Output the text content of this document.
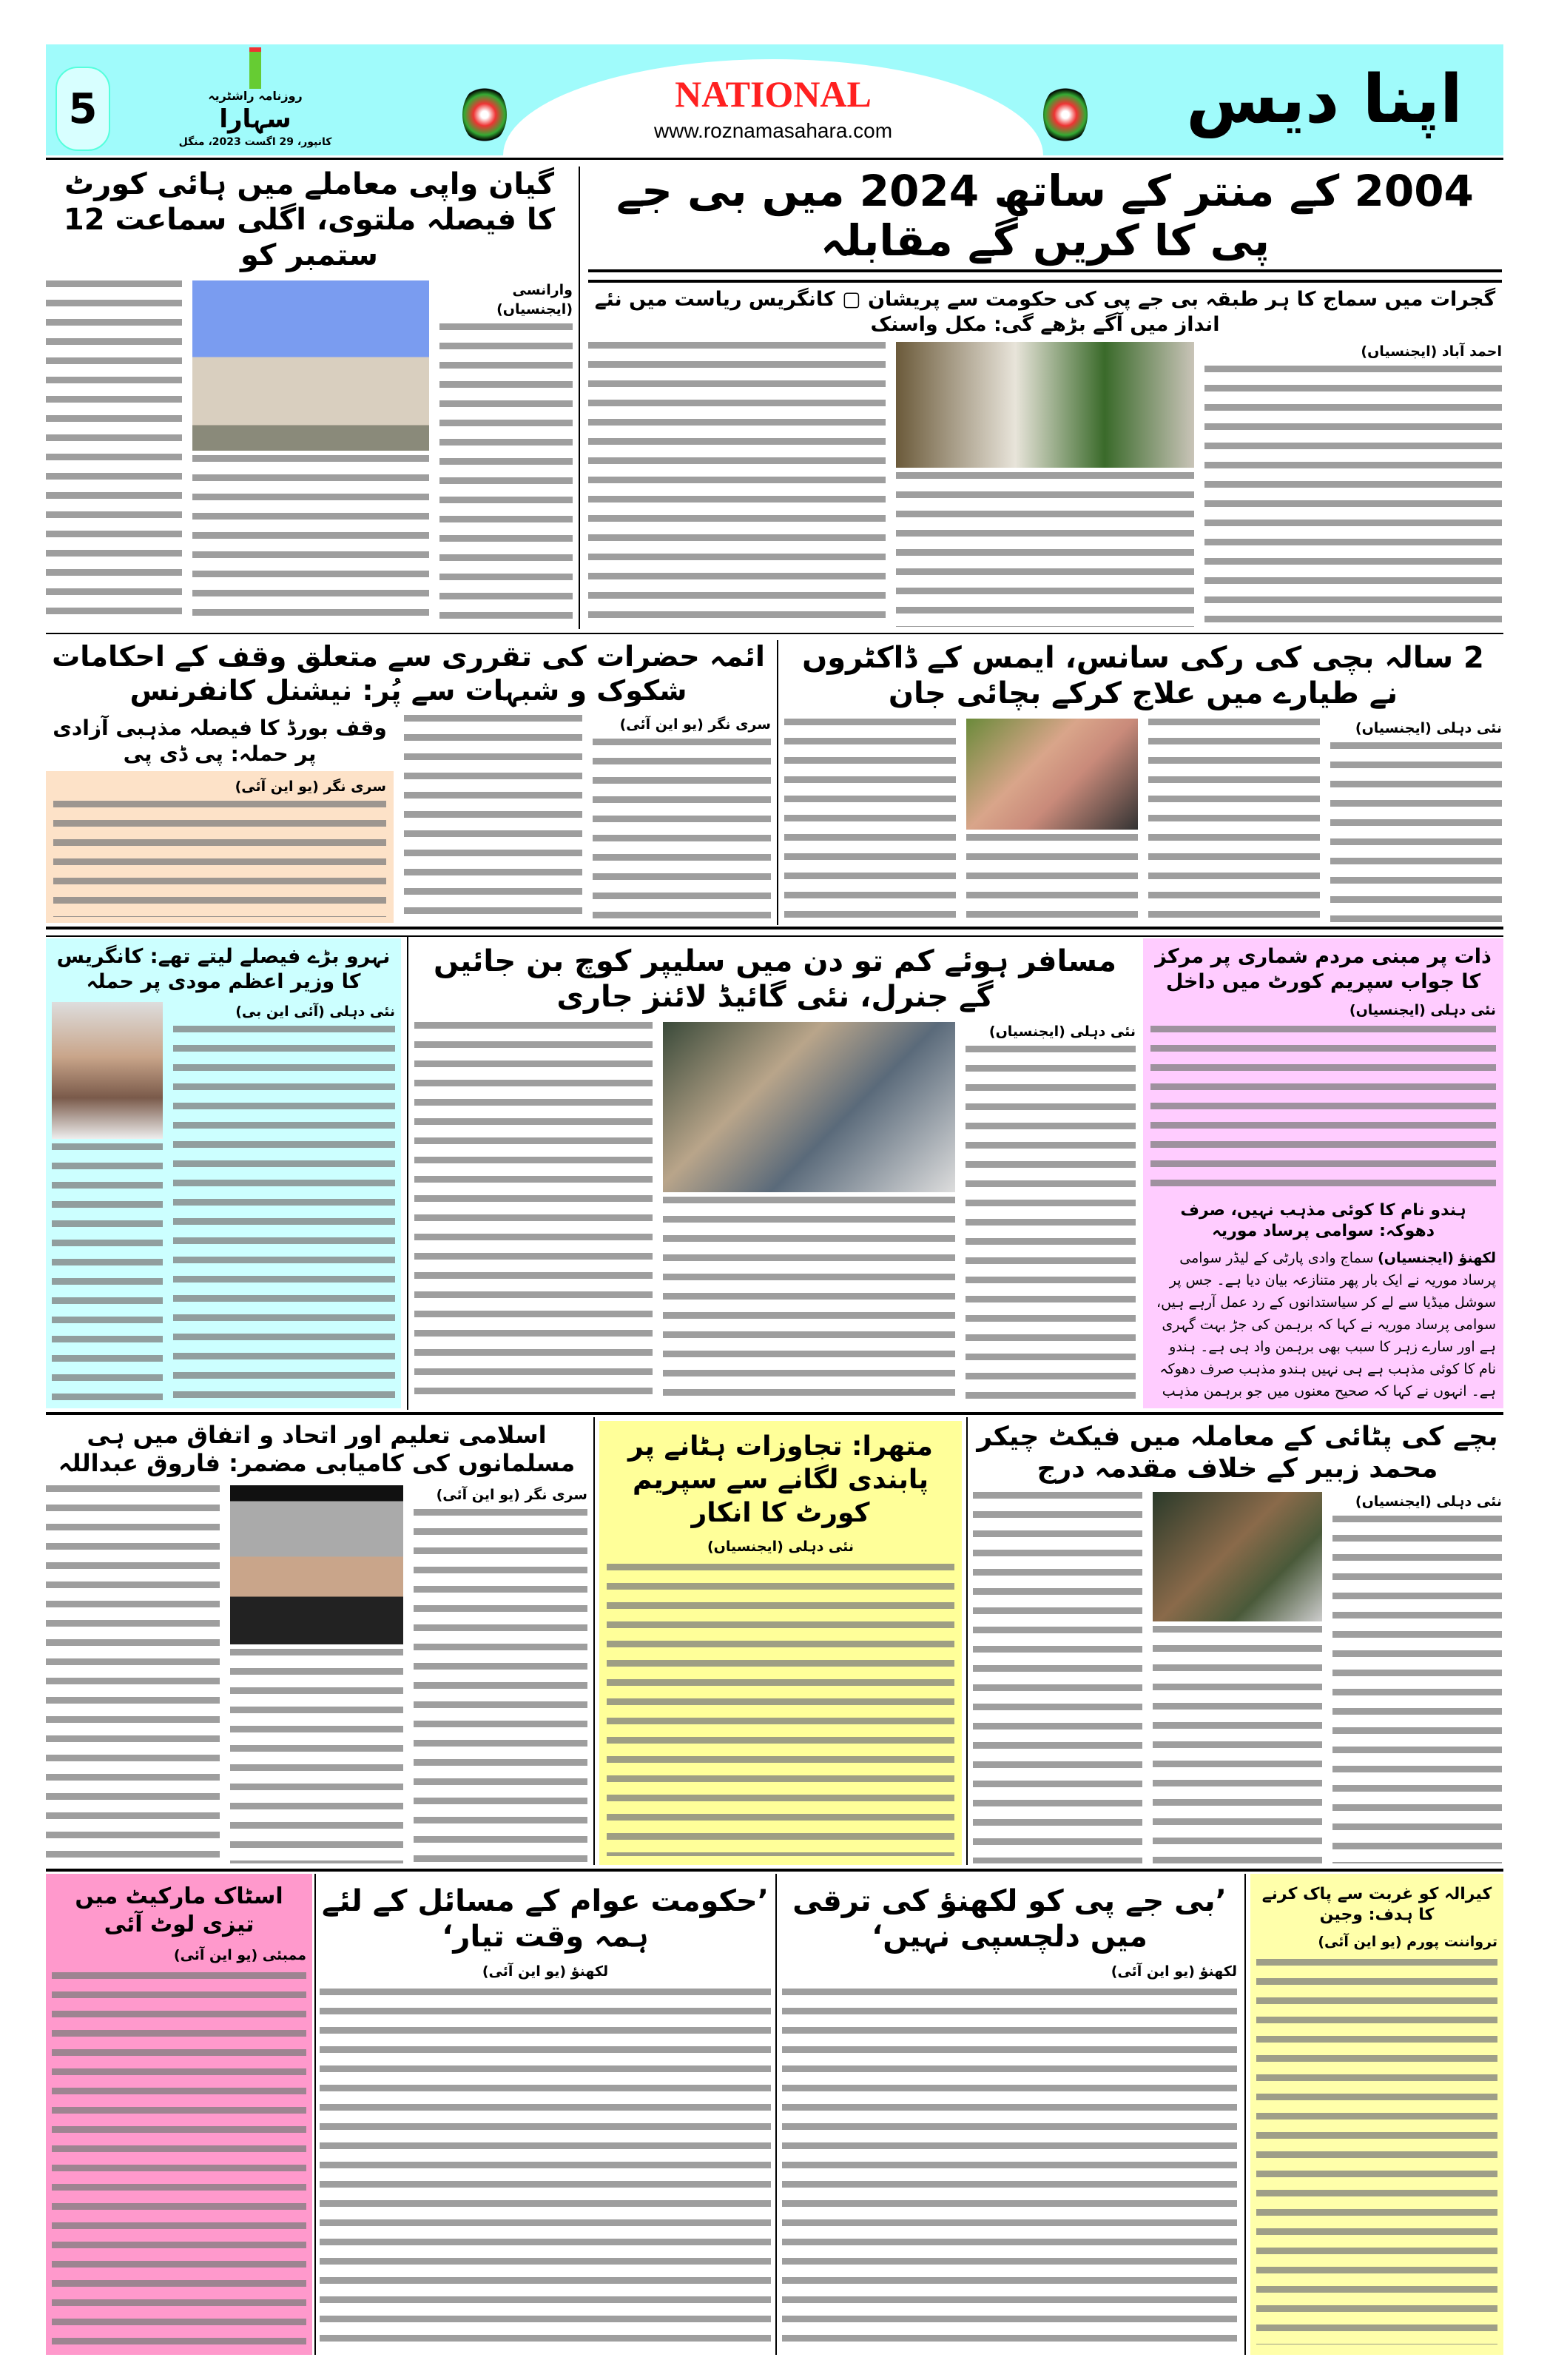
5	روزنامہ راشٹریہ
سہارا
کانپور، 29 اگست 2023، منگل
NATIONAL
www.roznamasahara.com	اپنا دیس
گیان واپی معاملے میں ہائی کورٹ کا فیصلہ ملتوی، اگلی سماعت 12 ستمبر کو
وارانسی (ایجنسیاں)
2004 کے منتر کے ساتھ 2024 میں بی جے پی کا کریں گے مقابلہ
گجرات میں سماج کا ہر طبقہ بی جے پی کی حکومت سے پریشان ▢ کانگریس ریاست میں نئے انداز میں آگے بڑھے گی: مکل واسنک
احمد آباد (ایجنسیاں)
ائمہ حضرات کی تقرری سے متعلق وقف کے احکامات شکوک و شبہات سے پُر: نیشنل کانفرنس
سری نگر (یو این آئی)
وقف بورڈ کا فیصلہ مذہبی آزادی پر حملہ: پی ڈی پی
سری نگر (یو این آئی)
2 سالہ بچی کی رکی سانس، ایمس کے ڈاکٹروں نے طیارے میں علاج کرکے بچائی جان
نئی دہلی (ایجنسیاں)
نہرو بڑے فیصلے لیتے تھے: کانگریس کا وزیر اعظم مودی پر حملہ
نئی دہلی (آئی این بی)
مسافر ہوئے کم تو دن میں سلیپر کوچ بن جائیں گے جنرل، نئی گائیڈ لائنز جاری
نئی دہلی (ایجنسیاں)
ذات پر مبنی مردم شماری پر مرکز کا جواب سپریم کورٹ میں داخل
نئی دہلی (ایجنسیاں)
ہندو نام کا کوئی مذہب نہیں، صرف دھوکہ: سوامی پرساد موریہ
لکھنؤ (ایجنسیاں) سماج وادی پارٹی کے لیڈر سوامی پرساد موریہ نے ایک بار پھر متنازعہ بیان دیا ہے۔ جس پر سوشل میڈیا سے لے کر سیاستدانوں کے رد عمل آرہے ہیں، سوامی پرساد موریہ نے کہا کہ برہمن کی جڑ بہت گہری ہے اور سارے زہر کا سبب بھی برہمن واد ہی ہے۔ ہندو نام کا کوئی مذہب ہے ہی نہیں ہندو مذہب صرف دھوکہ ہے۔ انہوں نے کہا کہ صحیح معنوں میں جو برہمن مذہب
اسلامی تعلیم اور اتحاد و اتفاق میں ہی مسلمانوں کی کامیابی مضمر: فاروق عبداللہ
سری نگر (یو این آئی)
متھرا: تجاوزات ہٹانے پر پابندی لگانے سے سپریم کورٹ کا انکار
نئی دہلی (ایجنسیاں)
بچے کی پٹائی کے معاملہ میں فیکٹ چیکر محمد زبیر کے خلاف مقدمہ درج
نئی دہلی (ایجنسیاں)
اسٹاک مارکیٹ میں تیزی لوٹ آئی
ممبئی (یو این آئی)
’حکومت عوام کے مسائل کے لئے ہمہ وقت تیار‘
لکھنؤ (یو این آئی)
’بی جے پی کو لکھنؤ کی ترقی میں دلچسپی نہیں‘
لکھنؤ (یو این آئی)
کیرالہ کو غربت سے پاک کرنے کا ہدف: وجین
ترواننت پورم (یو این آئی)
